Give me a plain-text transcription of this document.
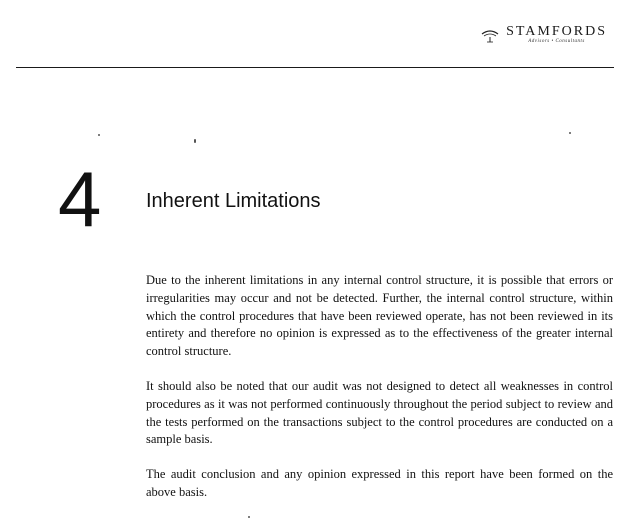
STAMFORDS
Advisors • Consultants
4 Inherent Limitations

Due to the inherent limitations in any internal control structure, it is possible that errors or irregularities may occur and not be detected. Further, the internal control structure, within which the control procedures that have been reviewed operate, has not been reviewed in its entirety and therefore no opinion is expressed as to the effectiveness of the greater internal control structure.

It should also be noted that our audit was not designed to detect all weaknesses in control procedures as it was not performed continuously throughout the period subject to review and the tests performed on the transactions subject to the control procedures are conducted on a sample basis.

The audit conclusion and any opinion expressed in this report have been formed on the above basis.
